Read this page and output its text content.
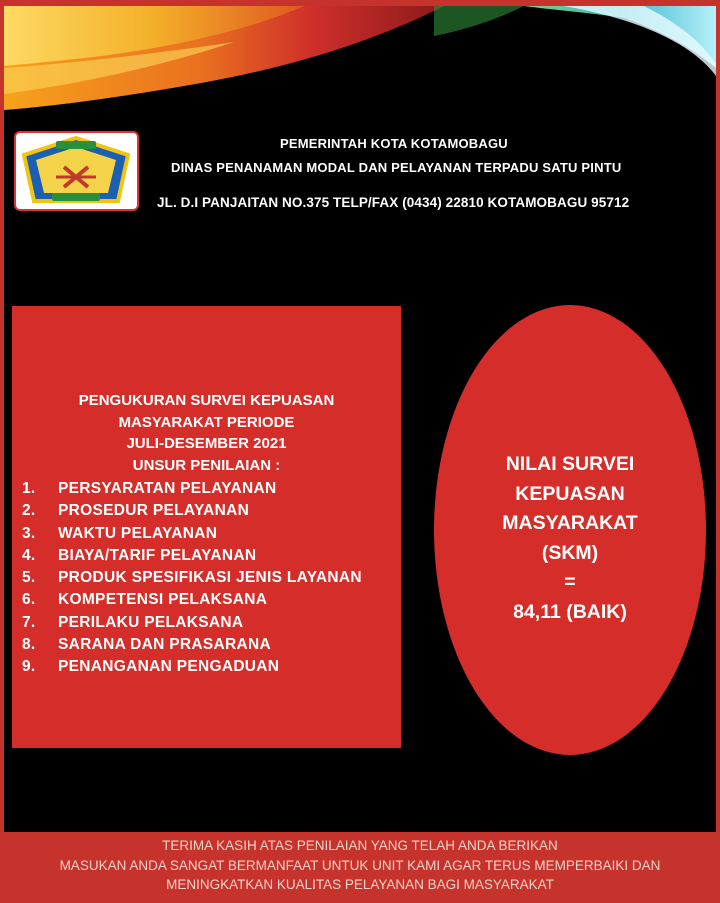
PEMERINTAH KOTA KOTAMOBAGU
DINAS PENANAMAN MODAL DAN PELAYANAN TERPADU SATU PINTU
JL. D.I PANJAITAN NO.375 TELP/FAX (0434) 22810 KOTAMOBAGU 95712
PENGUKURAN SURVEI KEPUASAN
MASYARAKAT PERIODE
JULI-DESEMBER 2021
UNSUR PENILAIAN :
1. PERSYARATAN PELAYANAN
2. PROSEDUR PELAYANAN
3. WAKTU PELAYANAN
4. BIAYA/TARIF PELAYANAN
5. PRODUK SPESIFIKASI JENIS LAYANAN
6. KOMPETENSI PELAKSANA
7. PERILAKU PELAKSANA
8. SARANA DAN PRASARANA
9. PENANGANAN PENGADUAN
NILAI SURVEI
KEPUASAN
MASYARAKAT
(SKM)
=
84,11 (BAIK)
TERIMA KASIH ATAS PENILAIAN YANG TELAH ANDA BERIKAN
MASUKAN ANDA SANGAT BERMANFAAT UNTUK UNIT KAMI AGAR TERUS MEMPERBAIKI DAN
MENINGKATKAN KUALITAS PELAYANAN BAGI MASYARAKAT
